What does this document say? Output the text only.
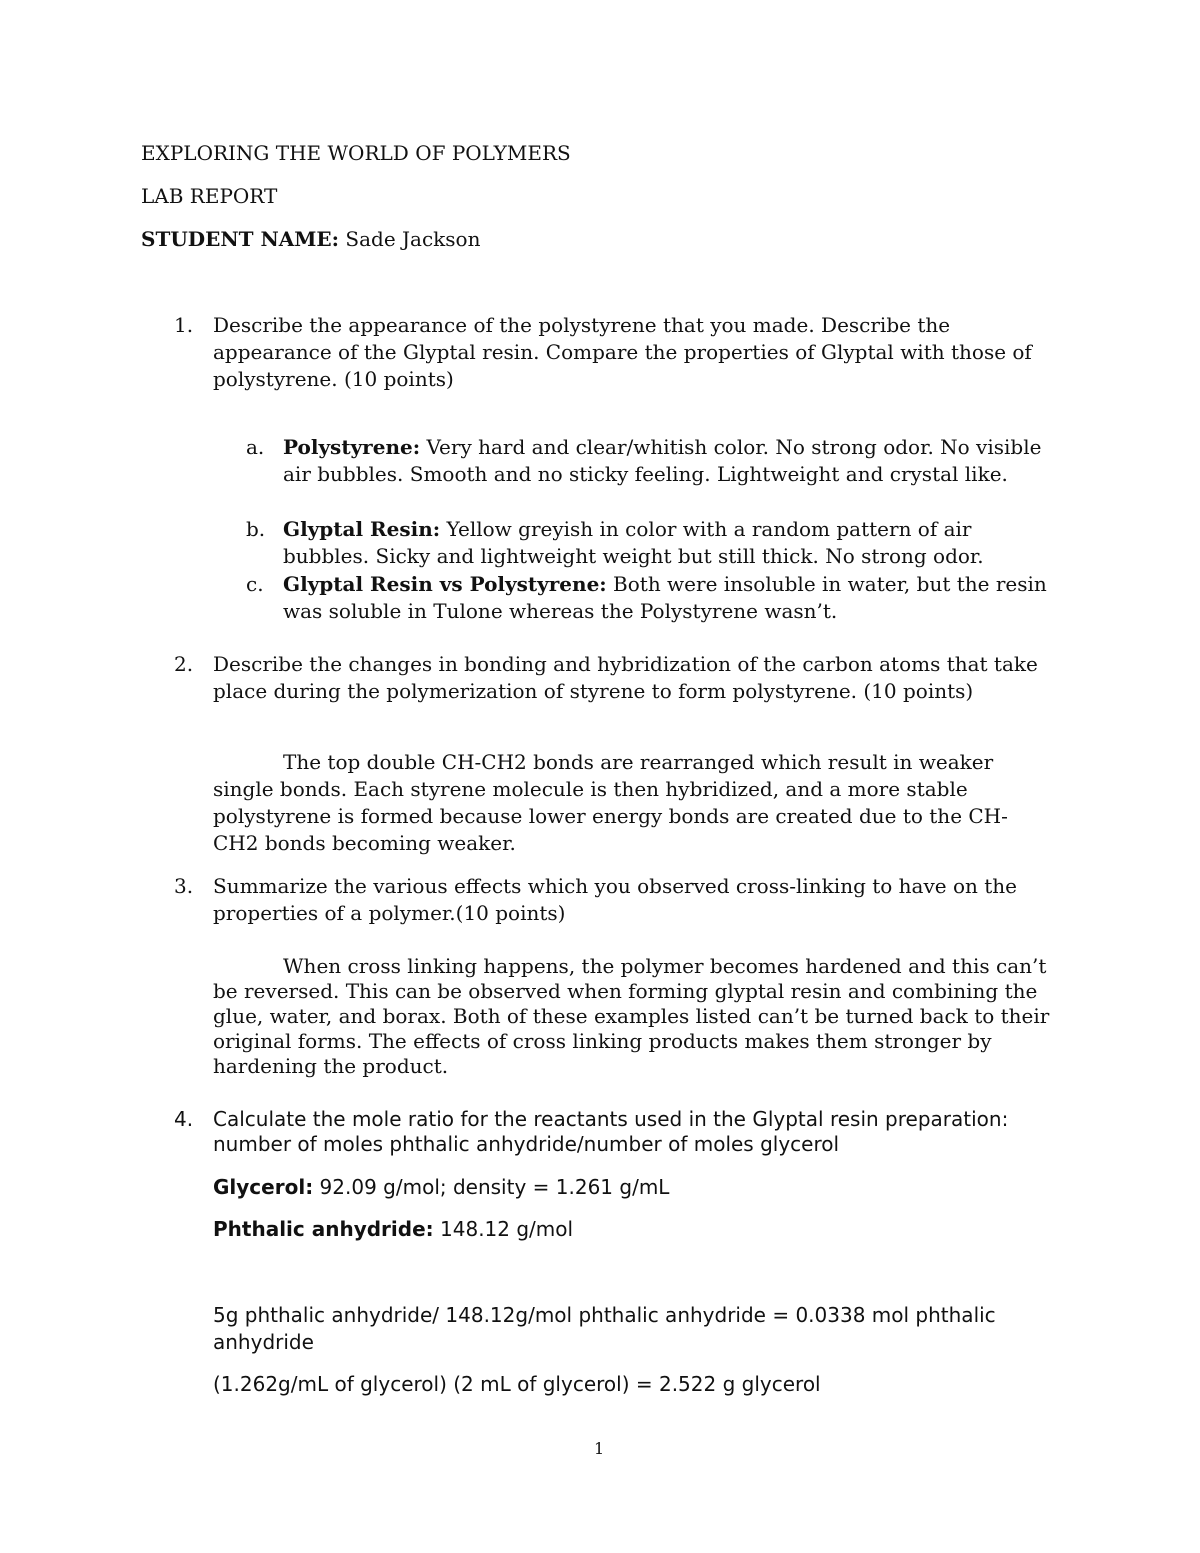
EXPLORING THE WORLD OF POLYMERS
LAB REPORT
STUDENT NAME: Sade Jackson
1. Describe the appearance of the polystyrene that you made. Describe the appearance of the Glyptal resin. Compare the properties of Glyptal with those of polystyrene. (10 points)
a. Polystyrene: Very hard and clear/whitish color. No strong odor. No visible air bubbles. Smooth and no sticky feeling. Lightweight and crystal like.
b. Glyptal Resin: Yellow greyish in color with a random pattern of air bubbles. Sicky and lightweight weight but still thick. No strong odor.
c. Glyptal Resin vs Polystyrene: Both were insoluble in water, but the resin was soluble in Tulone whereas the Polystyrene wasn’t.
2. Describe the changes in bonding and hybridization of the carbon atoms that take place during the polymerization of styrene to form polystyrene. (10 points)
The top double CH-CH2 bonds are rearranged which result in weaker single bonds. Each styrene molecule is then hybridized, and a more stable polystyrene is formed because lower energy bonds are created due to the CH-CH2 bonds becoming weaker.
3. Summarize the various effects which you observed cross-linking to have on the properties of a polymer.(10 points)
When cross linking happens, the polymer becomes hardened and this can’t be reversed. This can be observed when forming glyptal resin and combining the glue, water, and borax. Both of these examples listed can’t be turned back to their original forms. The effects of cross linking products makes them stronger by hardening the product.
4. Calculate the mole ratio for the reactants used in the Glyptal resin preparation: number of moles phthalic anhydride/number of moles glycerol
Glycerol: 92.09 g/mol; density = 1.261 g/mL
Phthalic anhydride: 148.12 g/mol
5g phthalic anhydride/ 148.12g/mol phthalic anhydride = 0.0338 mol phthalic anhydride
(1.262g/mL of glycerol) (2 mL of glycerol) = 2.522 g glycerol
1
